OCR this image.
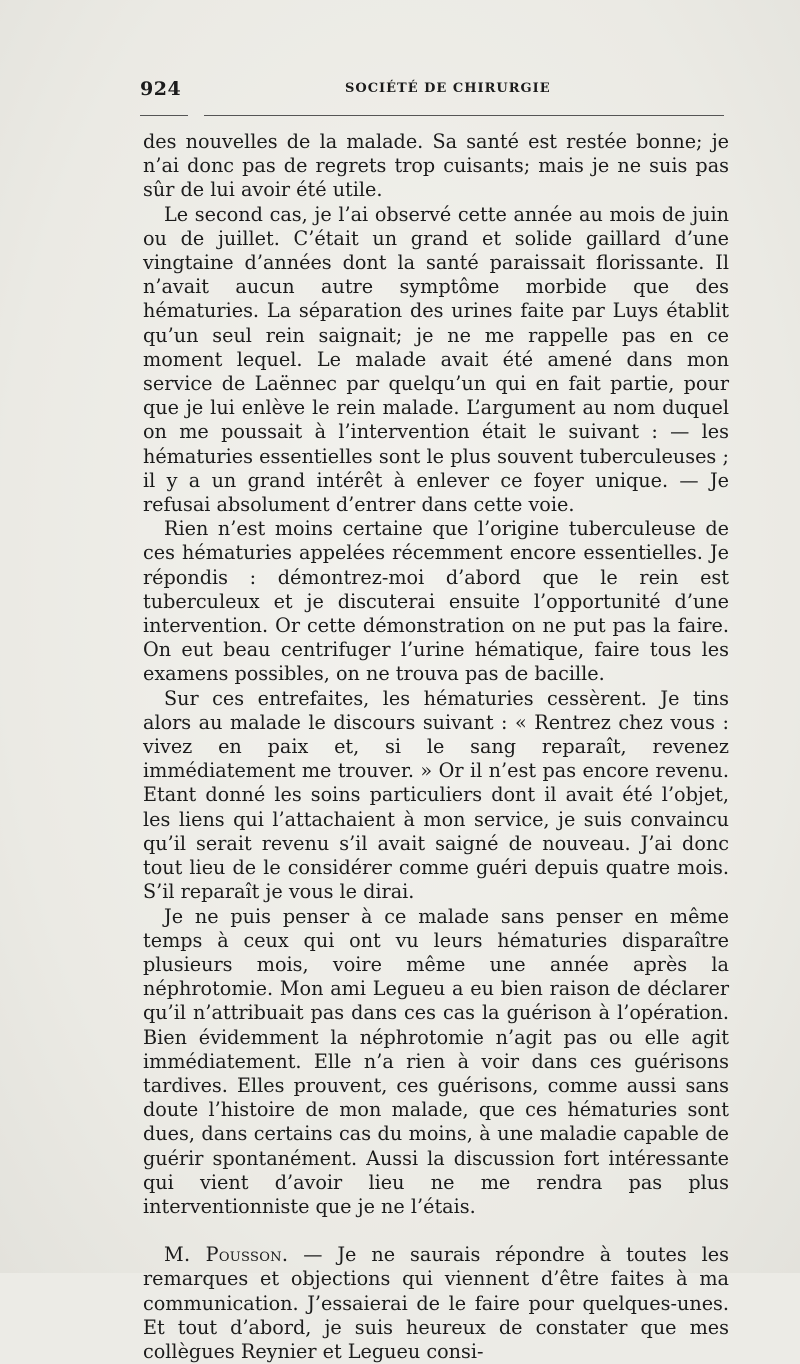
924	SOCIÉTÉ DE CHIRURGIE

des nouvelles de la malade. Sa santé est restée bonne; je n’ai donc pas de regrets trop cuisants; mais je ne suis pas sûr de lui avoir été utile.

Le second cas, je l’ai observé cette année au mois de juin ou de juillet. C’était un grand et solide gaillard d’une vingtaine d’années dont la santé paraissait florissante. Il n’avait aucun autre symptôme morbide que des hématuries. La séparation des urines faite par Luys établit qu’un seul rein saignait; je ne me rappelle pas en ce moment lequel. Le malade avait été amené dans mon service de Laënnec par quelqu’un qui en fait partie, pour que je lui enlève le rein malade. L’argument au nom duquel on me poussait à l’intervention était le suivant : — les hématuries essentielles sont le plus souvent tuberculeuses ; il y a un grand intérêt à enlever ce foyer unique. — Je refusai absolument d’entrer dans cette voie.

Rien n’est moins certaine que l’origine tuberculeuse de ces hématuries appelées récemment encore essentielles. Je répondis : démontrez-moi d’abord que le rein est tuberculeux et je discuterai ensuite l’opportunité d’une intervention. Or cette démonstration on ne put pas la faire. On eut beau centrifuger l’urine hématique, faire tous les examens possibles, on ne trouva pas de bacille.

Sur ces entrefaites, les hématuries cessèrent. Je tins alors au malade le discours suivant : « Rentrez chez vous : vivez en paix et, si le sang reparaît, revenez immédiatement me trouver. » Or il n’est pas encore revenu. Etant donné les soins particuliers dont il avait été l’objet, les liens qui l’attachaient à mon service, je suis convaincu qu’il serait revenu s’il avait saigné de nouveau. J’ai donc tout lieu de le considérer comme guéri depuis quatre mois. S’il reparaît je vous le dirai.

Je ne puis penser à ce malade sans penser en même temps à ceux qui ont vu leurs hématuries disparaître plusieurs mois, voire même une année après la néphrotomie. Mon ami Legueu a eu bien raison de déclarer qu’il n’attribuait pas dans ces cas la guérison à l’opération. Bien évidemment la néphrotomie n’agit pas ou elle agit immédiatement. Elle n’a rien à voir dans ces guérisons tardives. Elles prouvent, ces guérisons, comme aussi sans doute l’histoire de mon malade, que ces hématuries sont dues, dans certains cas du moins, à une maladie capable de guérir spontanément. Aussi la discussion fort intéressante qui vient d’avoir lieu ne me rendra pas plus interventionniste que je ne l’étais.

M. Pousson. — Je ne saurais répondre à toutes les remarques et objections qui viennent d’être faites à ma communication. J’essaierai de le faire pour quelques-unes. Et tout d’abord, je suis heureux de constater que mes collègues Reynier et Legueu consi-
